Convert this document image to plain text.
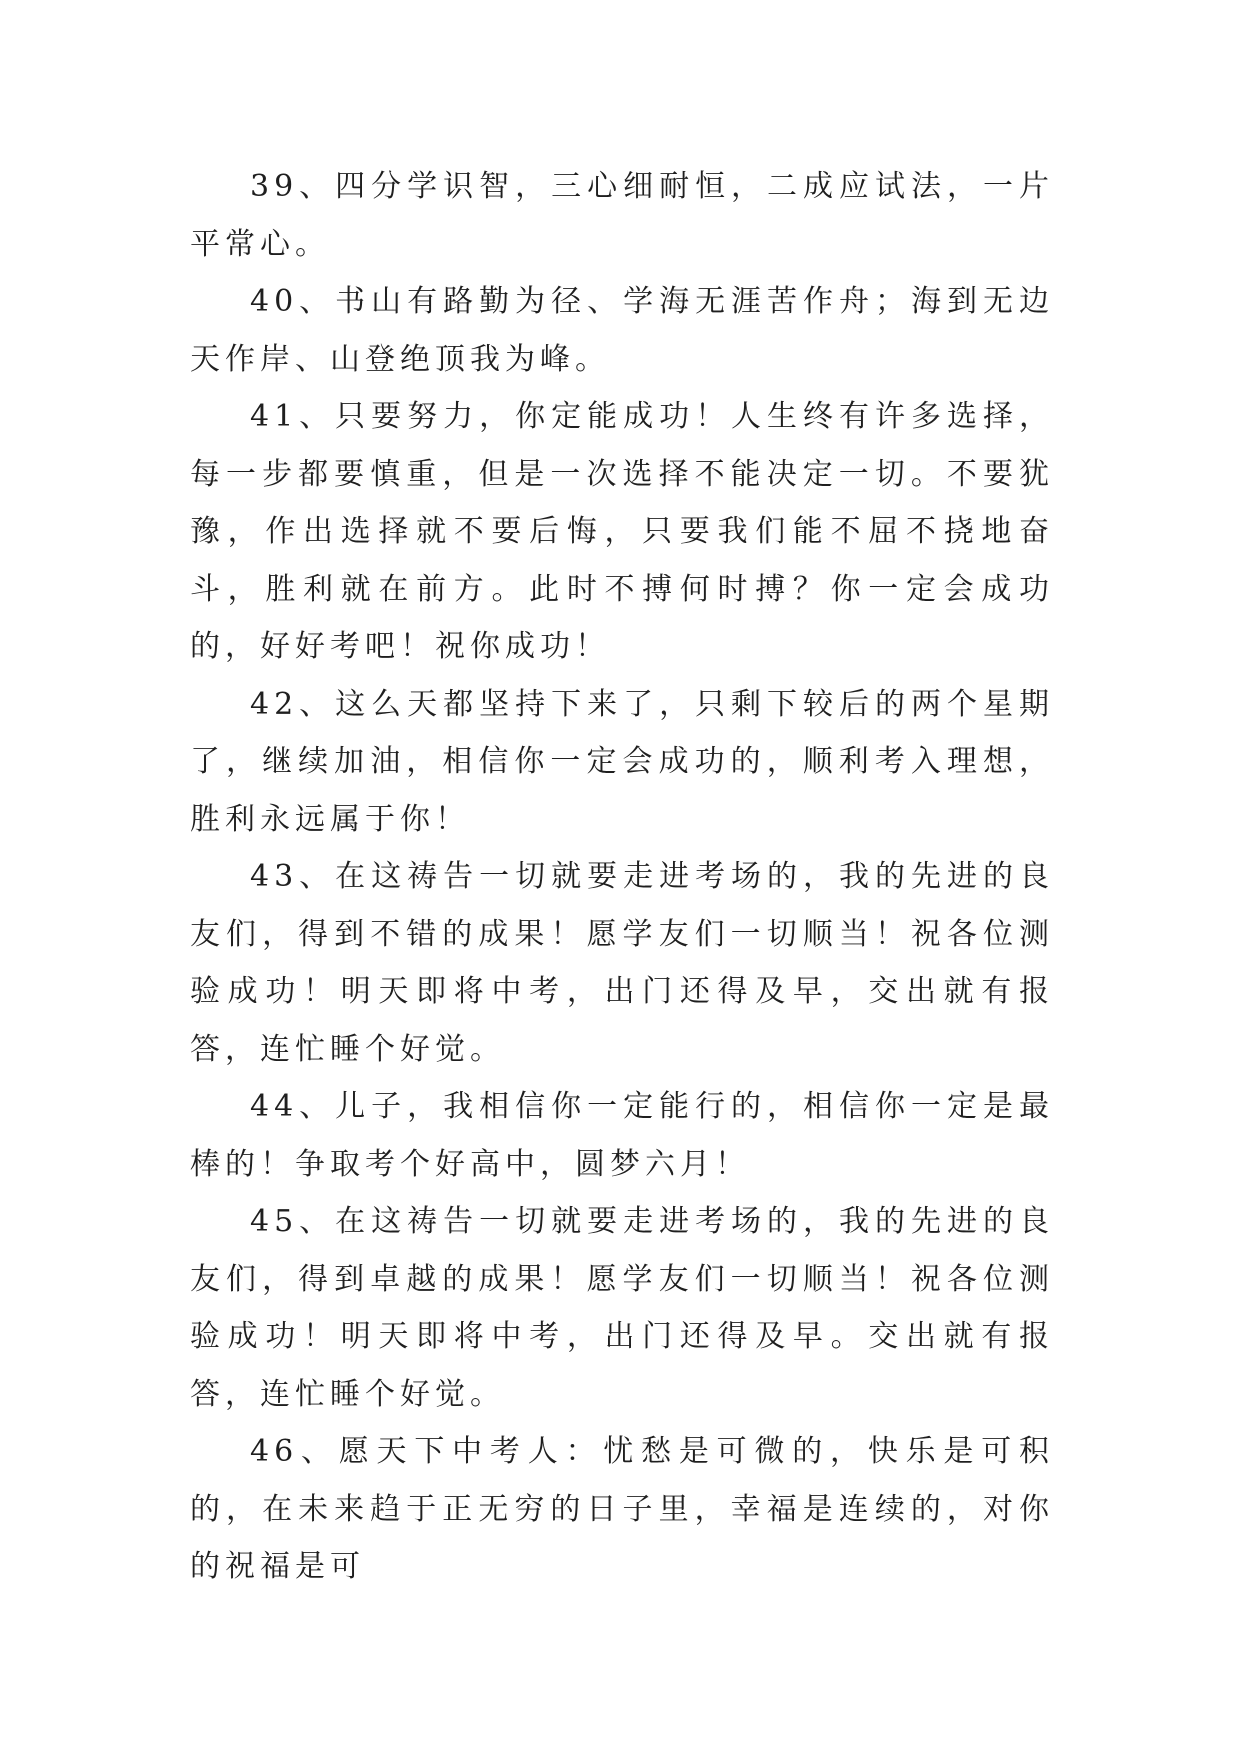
39、四分学识智，三心细耐恒，二成应试法，一片平常心。

40、书山有路勤为径、学海无涯苦作舟；海到无边天作岸、山登绝顶我为峰。

41、只要努力，你定能成功！人生终有许多选择，每一步都要慎重，但是一次选择不能决定一切。不要犹豫，作出选择就不要后悔，只要我们能不屈不挠地奋斗，胜利就在前方。此时不搏何时搏？你一定会成功的，好好考吧！祝你成功！

42、这么天都坚持下来了，只剩下较后的两个星期了，继续加油，相信你一定会成功的，顺利考入理想，胜利永远属于你！

43、在这祷告一切就要走进考场的，我的先进的良友们，得到不错的成果！愿学友们一切顺当！祝各位测验成功！明天即将中考，出门还得及早，交出就有报答，连忙睡个好觉。

44、儿子，我相信你一定能行的，相信你一定是最棒的！争取考个好高中，圆梦六月！

45、在这祷告一切就要走进考场的，我的先进的良友们，得到卓越的成果！愿学友们一切顺当！祝各位测验成功！明天即将中考，出门还得及早。交出就有报答，连忙睡个好觉。

46、愿天下中考人：忧愁是可微的，快乐是可积的，在未来趋于正无穷的日子里，幸福是连续的，对你的祝福是可
